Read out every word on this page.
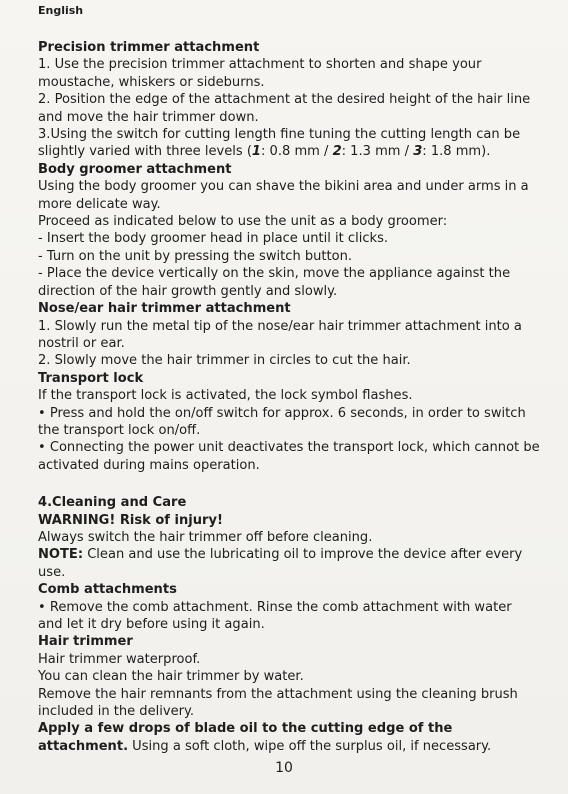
English

Precision trimmer attachment

1. Use the precision trimmer attachment to shorten and shape your moustache, whiskers or sideburns.

2. Position the edge of the attachment at the desired height of the hair line and move the hair trimmer down.

3.Using the switch for cutting length fine tuning the cutting length can be slightly varied with three levels (1: 0.8 mm / 2: 1.3 mm / 3: 1.8 mm).

Body groomer attachment

Using the body groomer you can shave the bikini area and under arms in a more delicate way.

Proceed as indicated below to use the unit as a body groomer:

- Insert the body groomer head in place until it clicks.

- Turn on the unit by pressing the switch button.

- Place the device vertically on the skin, move the appliance against the direction of the hair growth gently and slowly.

Nose/ear hair trimmer attachment

1. Slowly run the metal tip of the nose/ear hair trimmer attachment into a nostril or ear.

2. Slowly move the hair trimmer in circles to cut the hair.

Transport lock

If the transport lock is activated, the lock symbol flashes.

• Press and hold the on/off switch for approx. 6 seconds, in order to switch the transport lock on/off.

• Connecting the power unit deactivates the transport lock, which cannot be activated during mains operation.

4.Cleaning and Care

WARNING! Risk of injury!

Always switch the hair trimmer off before cleaning.

NOTE: Clean and use the lubricating oil to improve the device after every use.

Comb attachments

• Remove the comb attachment. Rinse the comb attachment with water and let it dry before using it again.

Hair trimmer

Hair trimmer waterproof.

You can clean the hair trimmer by water.

Remove the hair remnants from the attachment using the cleaning brush included in the delivery.

Apply a few drops of blade oil to the cutting edge of the attachment. Using a soft cloth, wipe off the surplus oil, if necessary.

10
